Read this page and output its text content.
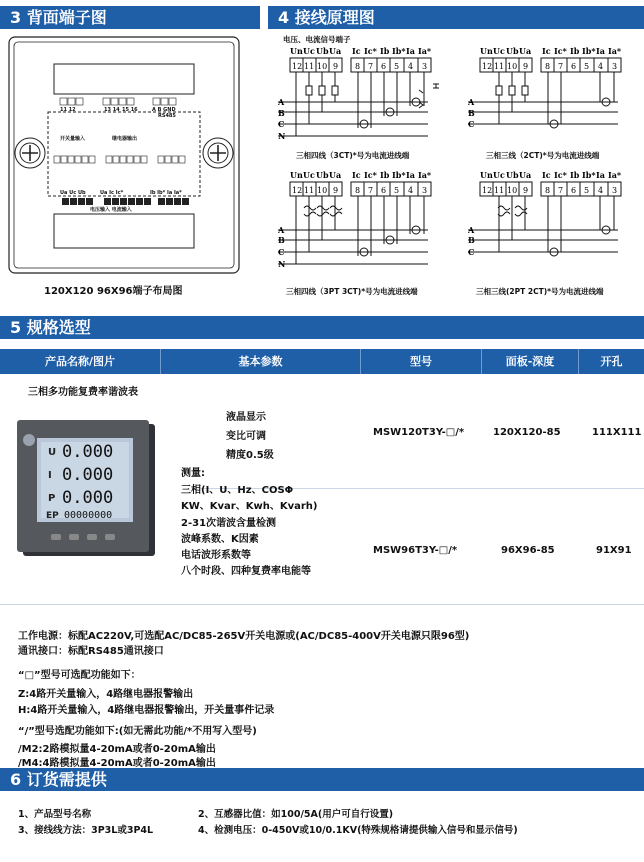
3 背面端子图	4 接线原理图
5 规格选型
6 订货需提供
11 12	13 14 15 16	A B GND
RS485
开关量输入	继电器输出
Ua Uc Ub	Ua Ic Ic*	Ib Ib* Ia Ia*
电压输入 电流输入
120X120 96X96端子布局图
电压、电流信号端子
Un Uc Ub Ua Ic Ic* Ib Ib* Ia Ia*
12 11 10 9 8 7 6 5 4 3
A
B
C
N
Un Uc Ub Ua Ic Ic* Ib Ib* Ia Ia*
12 11 10 9 8 7 6 5 4 3
A
B
C
Un Uc Ub Ua Ic Ic* Ib Ib* Ia Ia*
12 11 10 9 8 7 6 5 4 3
A
B
C
N
Un Uc Ub Ua Ic Ic* Ib Ib* Ia Ia*
12 11 10 9 8 7 6 5 4 3
A
B
C
三相四线（3CT)*号为电流进线端	三相三线（2CT)*号为电流进线端
三相四线（3PT 3CT)*号为电流进线端	三相三线(2PT 2CT)*号为电流进线端
产品名称/图片	基本参数	型号	面板-深度	开孔
三相多功能复费率谐波表
U
I
P
0.000
0.000
0.000
EP 00000000
液晶显示
变比可调
精度0.5级
测量:
三相(I、U、Hz、COSΦ
KW、Kvar、Kwh、Kvarh)
2-31次谐波含量检测
波峰系数、K因素
电话波形系数等
八个时段、四种复费率电能等
MSW120T3Y-□/*	120X120-85	111X111
MSW96T3Y-□/*	96X96-85	91X91
工作电源：标配AC220V,可选配AC/DC85-265V开关电源或(AC/DC85-400V开关电源只限96型)
通讯接口：标配RS485通讯接口
“□”型号可选配功能如下：
Z:4路开关量输入，4路继电器报警输出
H:4路开关量输入，4路继电器报警输出，开关量事件记录
“/”型号选配功能如下:(如无需此功能/*不用写入型号)
/M2:2路模拟量4-20mA或者0-20mA输出
/M4:4路模拟量4-20mA或者0-20mA输出
1、产品型号名称	2、互感器比值：如100/5A(用户可自行设置)
3、接线线方法：3P3L或3P4L	4、检测电压：0-450V或10/0.1KV(特殊规格请提供输入信号和显示信号)
